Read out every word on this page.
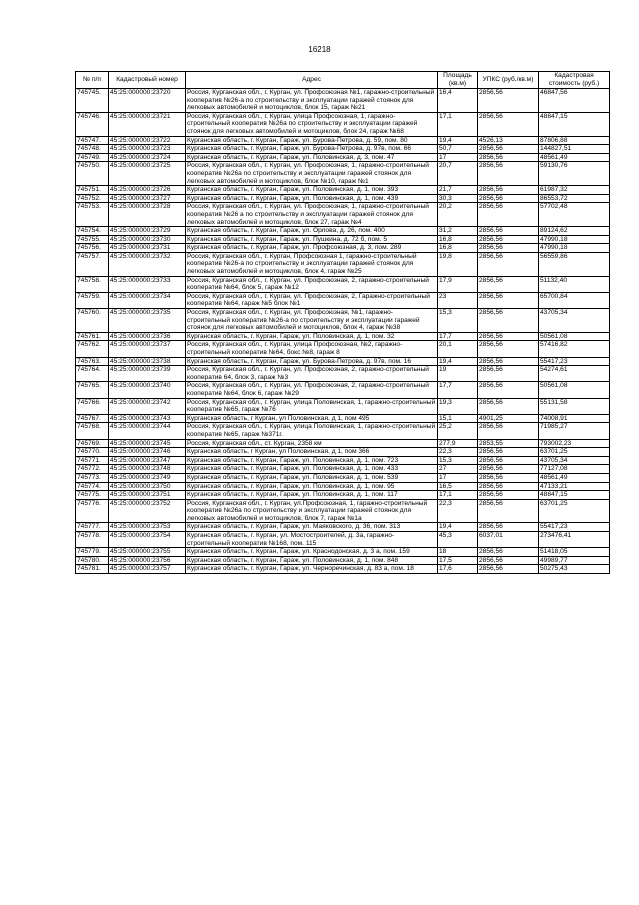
16218
№ п/п	Кадастровый номер	Адрес	Площадь (кв.м)	УПКС (руб./кв.м)	Кадастровая стоимость (руб.)
745745.	45:25:000000:23720	Россия, Курганская обл., г. Курган, ул. Профсоюзная №1, гаражно-строительный кооператив №26-а по строительству и эксплуатации гаражей стоянок для легковых автомобилей и мотоциклов, блок 15, гараж №21	16,4	2856,56	46847,56
745746.	45:25:000000:23721	Россия, Курганская обл., г. Курган, улица Профсоюзная, 1, гаражно-строительный кооператив №26а по строительству и эксплуатации гаражей стоянок для легковых автомобилей и мотоциклов, блок 24, гараж №68	17,1	2856,56	48847,15
745747.	45:25:000000:23722	Курганская область, г. Курган, Гараж, ул. Бурова-Петрова, д. 59, пом. 80	19,4	4526,13	87806,88
745748.	45:25:000000:23723	Курганская область, г. Курган, Гараж, ул. Бурова-Петрова, д. 97в, пом. 66	50,7	2856,56	144827,51
745749.	45:25:000000:23724	Курганская область, г. Курган, Гараж, ул. Половинская, д. 3, пом. 47	17	2856,56	48561,49
745750.	45:25:000000:23725	Россия, Курганская обл., г. Курган, ул. Профсоюзная, 1, гаражно-строительный кооператив №26а по строительству и эксплуатации гаражей стоянок для легковых автомобилей и мотоциклов, блок №10, гараж №1	20,7	2856,56	59130,76
745751.	45:25:000000:23726	Курганская область, г. Курган, Гараж, ул. Половинская, д. 1, пом. 393	21,7	2856,56	61987,32
745752.	45:25:000000:23727	Курганская область, г. Курган, Гараж, ул. Половинская, д. 1, пом. 439	30,3	2856,56	86553,72
745753.	45:25:000000:23728	Россия, Курганская обл., г. Курган, ул. Профсоюзная, 1, гаражно-строительный кооператив №26 а по строительству и эксплуатации гаражей стоянок для легковых автомобилей и мотоциклов, блок 27, гараж №4	20,2	2856,56	57702,48
745754.	45:25:000000:23729	Курганская область, г. Курган, Гараж, ул. Орлова, д. 26, пом. 400	31,2	2856,56	89124,62
745755.	45:25:000000:23730	Курганская область, г. Курган, Гараж, ул. Пушкина, д. 72 б, пом. 5	16,8	2856,56	47990,18
745756.	45:25:000000:23731	Курганская область, г. Курган, Гараж, ул. Профсоюзная, д. 3, пом. 289	16,8	2856,56	47990,18
745757.	45:25:000000:23732	Россия, Курганская обл., г. Курган, Профсоюзная 1, гаражно-строительный кооператив №26-а по строительству и эксплуатации гаражей стоянок для легковых автомобилей и мотоциклов, блок 4, гараж №25	19,8	2856,56	56559,86
745758.	45:25:000000:23733	Россия, Курганская обл., г. Курган, ул. Профсоюзная, 2, гаражно-строительный кооператив №64, блок 5, гараж №12	17,9	2856,56	51132,40
745759.	45:25:000000:23734	Россия, Курганская обл., г. Курган, ул. Профсоюзная, 2, Гаражно-строительный кооператив №64, гараж №5 блок №1	23	2856,56	65700,84
745760.	45:25:000000:23735	Россия, Курганская обл., г. Курган, ул. Профсоюзная, №1, гаражно-строительный кооператив №26-а по строительству и эксплуатации гаражей стоянок для легковых автомобилей и мотоциклов, блок 4, гараж №38	15,3	2856,56	43705,34
745761.	45:25:000000:23736	Курганская область, г. Курган, Гараж, ул. Половинская, д. 1, пом. 32	17,7	2856,56	50561,08
745762.	45:25:000000:23737	Россия, Курганская обл., г. Курган, улица Профсоюзная, №2, гаражно-строительный кооператив №64, бокс №8, гараж 8	20,1	2856,56	57416,82
745763.	45:25:000000:23738	Курганская область, г. Курган, Гараж, ул. Бурова-Петрова, д. 97в, пом. 16	19,4	2856,56	55417,23
745764.	45:25:000000:23739	Россия, Курганская обл., г. Курган, ул. Профсоюзная, 2, гаражно-строительный кооператив 64, блок 3, гараж №3	19	2856,56	54274,61
745765.	45:25:000000:23740	Россия, Курганская обл., г. Курган, ул. Профсоюзная, 2, гаражно-строительный кооператив №64, блок 6, гараж №29	17,7	2856,56	50561,08
745766.	45:25:000000:23742	Россия, Курганская обл., г. Курган, улица Половинская, 1, гаражно-строительный кооператив №65, гараж №76	19,3	2856,56	55131,58
745767.	45:25:000000:23743	Курганская область, г Курган, ул Половинская, д 1, пом 495	15,1	4901,25	74008,91
745768.	45:25:000000:23744	Россия, Курганская обл., г. Курган, улица Половинская, 1, гаражно-строительный кооператив №65, гараж №371г.	25,2	2856,56	71985,27
745769.	45:25:000000:23745	Россия, Курганская обл., ст. Курган, 2358 км	277,9	2853,55	793002,23
745770.	45:25:000000:23746	Курганская область, г Курган, ул Половинская, д 1, пом 366	22,3	2856,56	63701,25
745771.	45:25:000000:23747	Курганская область, г. Курган, Гараж, ул. Половинская, д. 1, пом. 723	15,3	2856,56	43705,34
745772.	45:25:000000:23748	Курганская область, г. Курган, Гараж, ул. Половинская, д. 1, пом. 433	27	2856,56	77127,08
745773.	45:25:000000:23749	Курганская область, г. Курган, Гараж, ул. Половинская, д. 1, пом. 539	17	2856,56	48561,49
745774.	45:25:000000:23750	Курганская область, г. Курган, Гараж, ул. Половинская, д. 1, пом. 95	16,5	2856,56	47133,21
745775.	45:25:000000:23751	Курганская область, г. Курган, Гараж, ул. Половинская, д. 1, пом. 117	17,1	2856,56	48847,15
745776.	45:25:000000:23752	Россия, Курганская обл., г. Курган, ул.Профсоюзная, 1, гаражно-строительный кооператив №26а по строительству и эксплуатации гаражей стоянок для легковых автомобилей и мотоциклов, блок 7, гараж №1а	22,3	2856,56	63701,25
745777.	45:25:000000:23753	Курганская область, г. Курган, Гараж, ул. Маяковского, д. 36, пом. 313	19,4	2856,56	55417,23
745778.	45:25:000000:23754	Курганская область, г. Курган, ул. Мостостроителей, д. 3а, гаражно-строительный кооператив №168, пом. 115	45,3	6037,01	273476,41
745779.	45:25:000000:23755	Курганская область, г. Курган, Гараж, ул. Краснодонская, д. 3 а, пом. 159	18	2856,56	51418,05
745780.	45:25:000000:23756	Курганская область, г. Курган, Гараж, ул. Половинская, д. 1, пом. 848	17,5	2856,56	49989,77
745781.	45:25:000000:23757	Курганская область, г. Курган, Гараж, ул. Черноречинская, д. 83 а, пом. 18	17,6	2856,56	50275,43
